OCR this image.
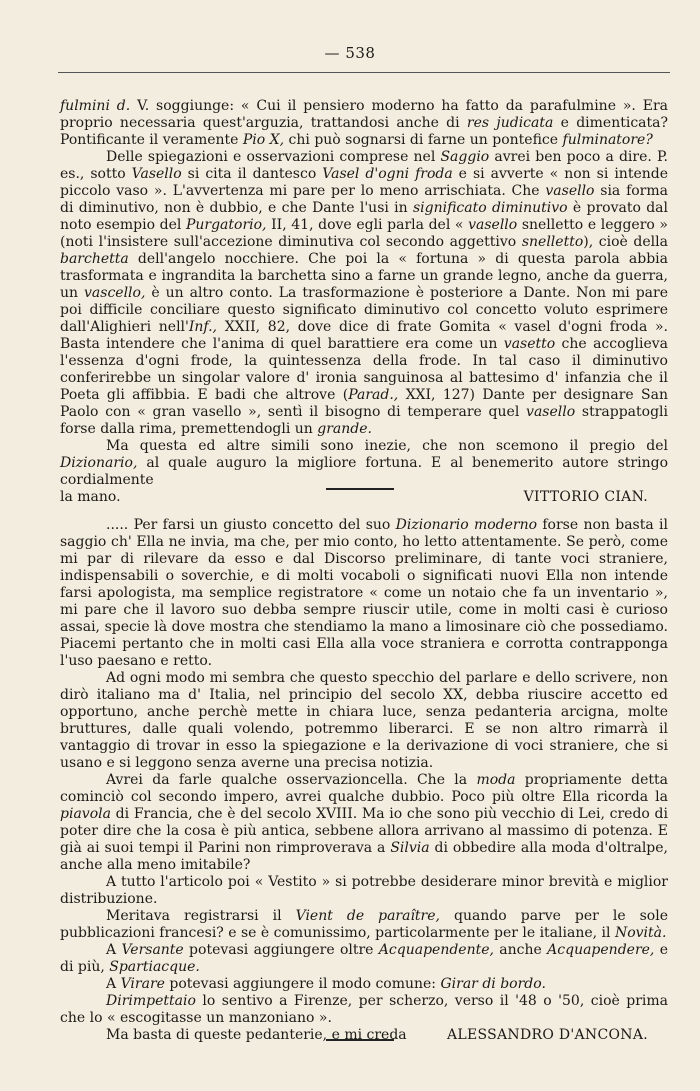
— 538

fulmini d. V. soggiunge: « Cui il pensiero moderno ha fatto da parafulmine ». Era proprio necessaria quest'arguzia, trattandosi anche di res judicata e dimenticata? Pontificante il veramente Pio X, chi può sognarsi di farne un pontefice fulminatore?

Delle spiegazioni e osservazioni comprese nel Saggio avrei ben poco a dire. P. es., sotto Vasello si cita il dantesco Vasel d'ogni froda e si avverte « non si intende piccolo vaso ». L'avvertenza mi pare per lo meno arrischiata. Che vasello sia forma di diminutivo, non è dubbio, e che Dante l'usi in significato diminutivo è provato dal noto esempio del Purgatorio, II, 41, dove egli parla del « vasello snelletto e leggero » (noti l'insistere sull'accezione diminutiva col secondo aggettivo snelletto), cioè della barchetta dell'angelo nocchiere. Che poi la « fortuna » di questa parola abbia trasformata e ingrandita la barchetta sino a farne un grande legno, anche da guerra, un vascello, è un altro conto. La trasformazione è posteriore a Dante. Non mi pare poi difficile conciliare questo significato diminutivo col concetto voluto esprimere dall'Alighieri nell'Inf., XXII, 82, dove dice di frate Gomita « vasel d'ogni froda ». Basta intendere che l'anima di quel barattiere era come un vasetto che accoglieva l'essenza d'ogni frode, la quintessenza della frode. In tal caso il diminutivo conferirebbe un singolar valore d' ironia sanguinosa al battesimo d' infanzia che il Poeta gli affibbia. E badi che altrove (Parad., XXI, 127) Dante per designare San Paolo con « gran vasello », sentì il bisogno di temperare quel vasello strappatogli forse dalla rima, premettendogli un grande.

Ma questa ed altre simili sono inezie, che non scemono il pregio del Dizionario, al quale auguro la migliore fortuna. E al benemerito autore stringo cordialmente

la mano.	VITTORIO CIAN.

..... Per farsi un giusto concetto del suo Dizionario moderno forse non basta il saggio ch' Ella ne invia, ma che, per mio conto, ho letto attentamente. Se però, come mi par di rilevare da esso e dal Discorso preliminare, di tante voci straniere, indispensabili o soverchie, e di molti vocaboli o significati nuovi Ella non intende farsi apologista, ma semplice registratore « come un notaio che fa un inventario », mi pare che il lavoro suo debba sempre riuscir utile, come in molti casi è curioso assai, specie là dove mostra che stendiamo la mano a limosinare ciò che possediamo. Piacemi pertanto che in molti casi Ella alla voce straniera e corrotta contrapponga l'uso paesano e retto.

Ad ogni modo mi sembra che questo specchio del parlare e dello scrivere, non dirò italiano ma d' Italia, nel principio del secolo XX, debba riuscire accetto ed opportuno, anche perchè mette in chiara luce, senza pedanteria arcigna, molte bruttures, dalle quali volendo, potremmo liberarci. E se non altro rimarrà il vantaggio di trovar in esso la spiegazione e la derivazione di voci straniere, che si usano e si leggono senza averne una precisa notizia.

Avrei da farle qualche osservazioncella. Che la moda propriamente detta cominciò col secondo impero, avrei qualche dubbio. Poco più oltre Ella ricorda la piavola di Francia, che è del secolo XVIII. Ma io che sono più vecchio di Lei, credo di poter dire che la cosa è più antica, sebbene allora arrivano al massimo di potenza. E già ai suoi tempi il Parini non rimproverava a Silvia di obbedire alla moda d'oltralpe, anche alla meno imitabile?

A tutto l'articolo poi « Vestito » si potrebbe desiderare minor brevità e miglior distribuzione.

Meritava registrarsi il Vient de paraître, quando parve per le sole pubblicazioni francesi? e se è comunissimo, particolarmente per le italiane, il Novità.

A Versante potevasi aggiungere oltre Acquapendente, anche Acquapendere, e di più, Spartiacque.

A Virare potevasi aggiungere il modo comune: Girar di bordo.

Dirimpettaio lo sentivo a Firenze, per scherzo, verso il '48 o '50, cioè prima che lo « escogitasse un manzoniano ».

Ma basta di queste pedanterie, e mi creda	ALESSANDRO D'ANCONA.
